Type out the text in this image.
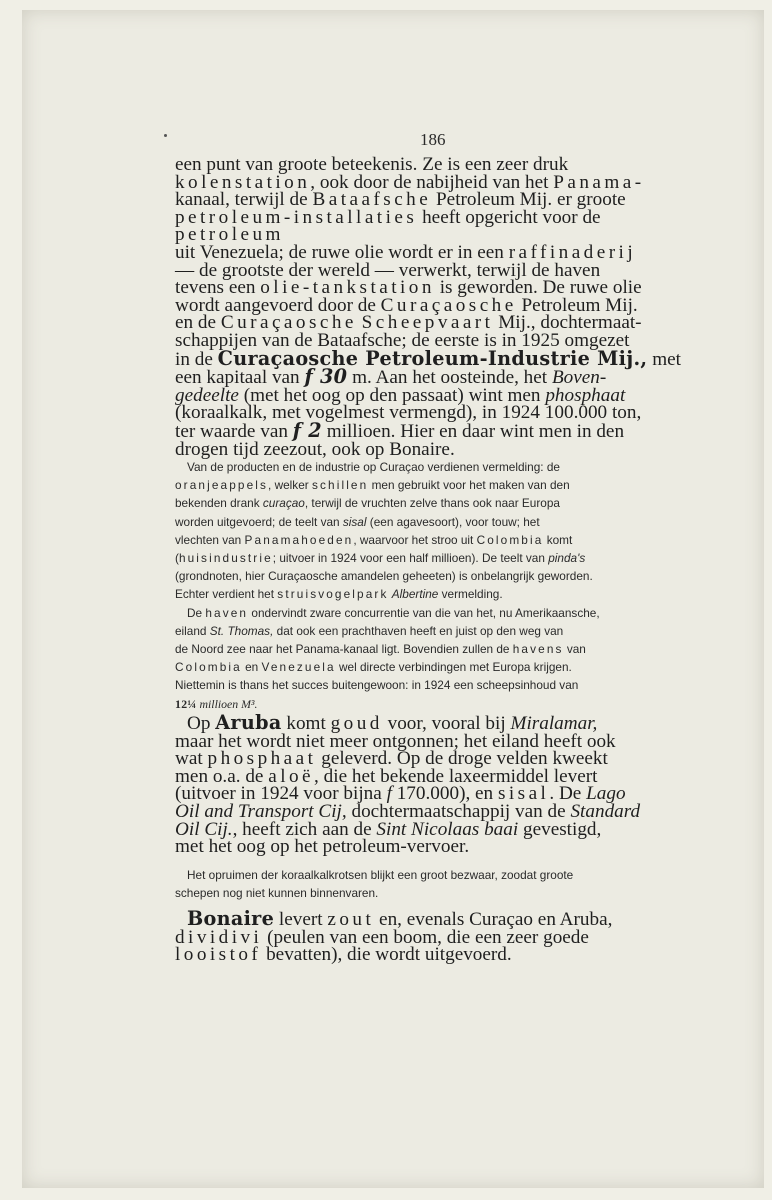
186

een punt van groote beteekenis. Ze is een zeer druk

kolenstation, ook door de nabijheid van het Panama-

kanaal, terwijl de Bataafsche Petroleum Mij. er groote

petroleum-installaties heeft opgericht voor de petroleum

uit Venezuela; de ruwe olie wordt er in een raffinaderij

— de grootste der wereld — verwerkt, terwijl de haven

tevens een olie-tankstation is geworden. De ruwe olie

wordt aangevoerd door de Curaçaosche Petroleum Mij.

en de Curaçaosche Scheepvaart Mij., dochtermaat-

schappijen van de Bataafsche; de eerste is in 1925 omgezet

in de Curaçaosche Petroleum-Industrie Mij., met

een kapitaal van f 30 m. Aan het oosteinde, het Boven-

gedeelte (met het oog op den passaat) wint men phosphaat

(koraalkalk, met vogelmest vermengd), in 1924 100.000 ton,

ter waarde van f 2 millioen. Hier en daar wint men in den

drogen tijd zeezout, ook op Bonaire.

Van de producten en de industrie op Curaçao verdienen vermelding: de

oranjeappels, welker schillen men gebruikt voor het maken van den

bekenden drank curaçao, terwijl de vruchten zelve thans ook naar Europa

worden uitgevoerd; de teelt van sisal (een agavesoort), voor touw; het

vlechten van Panamahoeden, waarvoor het stroo uit Colombia komt

(huisindustrie; uitvoer in 1924 voor een half millioen). De teelt van pinda's

(grondnoten, hier Curaçaosche amandelen geheeten) is onbelangrijk geworden.

Echter verdient het struisvogelpark Albertine vermelding.

De haven ondervindt zware concurrentie van die van het, nu Amerikaansche,

eiland St. Thomas, dat ook een prachthaven heeft en juist op den weg van

de Noord zee naar het Panama-kanaal ligt. Bovendien zullen de havens van

Colombia en Venezuela wel directe verbindingen met Europa krijgen.

Niettemin is thans het succes buitengewoon: in 1924 een scheepsinhoud van

12¼ millioen M³.

Op Aruba komt goud voor, vooral bij Miralamar,

maar het wordt niet meer ontgonnen; het eiland heeft ook

wat phosphaat geleverd. Op de droge velden kweekt

men o.a. de aloë, die het bekende laxeermiddel levert

(uitvoer in 1924 voor bijna f 170.000), en sisal. De Lago

Oil and Transport Cij, dochtermaatschappij van de Standard

Oil Cij., heeft zich aan de Sint Nicolaas baai gevestigd,

met het oog op het petroleum-vervoer.

Het opruimen der koraalkalkrotsen blijkt een groot bezwaar, zoodat groote

schepen nog niet kunnen binnenvaren.

Bonaire levert zout en, evenals Curaçao en Aruba,

dividivi (peulen van een boom, die een zeer goede

looistof bevatten), die wordt uitgevoerd.
